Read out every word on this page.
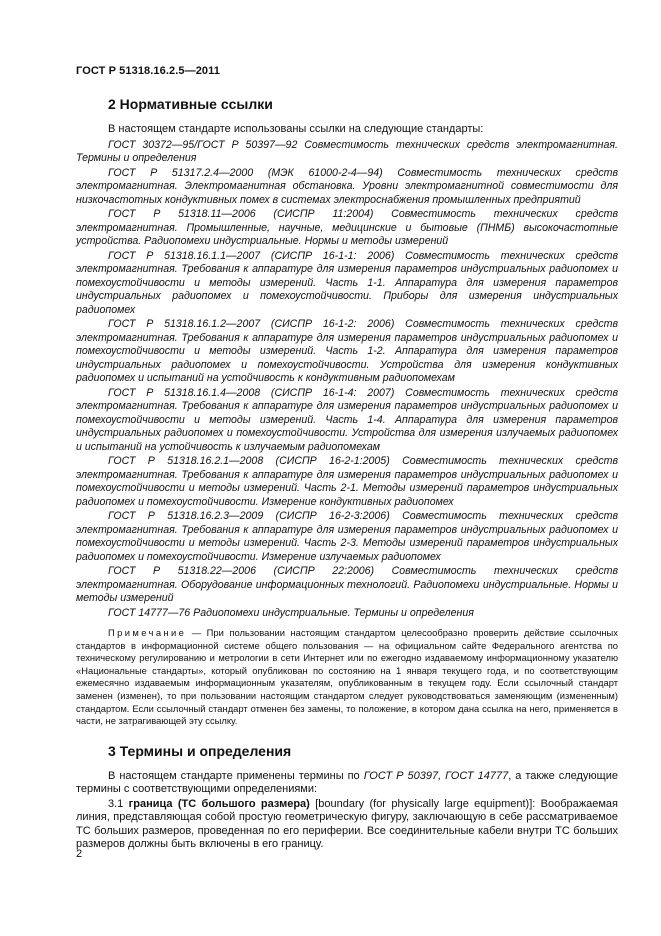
ГОСТ Р 51318.16.2.5—2011
2 Нормативные ссылки

В настоящем стандарте использованы ссылки на следующие стандарты:

ГОСТ 30372—95/ГОСТ Р 50397—92 Совместимость технических средств электромагнитная. Термины и определения

ГОСТ Р 51317.2.4—2000 (МЭК 61000-2-4—94) Совместимость технических средств электромагнитная. Электромагнитная обстановка. Уровни электромагнитной совместимости для низкочастотных кондуктивных помех в системах электроснабжения промышленных предприятий

ГОСТ Р 51318.11—2006 (СИСПР 11:2004) Совместимость технических средств электромагнитная. Промышленные, научные, медицинские и бытовые (ПНМБ) высокочастотные устройства. Радиопомехи индустриальные. Нормы и методы измерений

ГОСТ Р 51318.16.1.1—2007 (СИСПР 16-1-1: 2006) Совместимость технических средств электромагнитная. Требования к аппаратуре для измерения параметров индустриальных радиопомех и помехоустойчивости и методы измерений. Часть 1-1. Аппаратура для измерения параметров индустриальных радиопомех и помехоустойчивости. Приборы для измерения индустриальных радиопомех

ГОСТ Р 51318.16.1.2—2007 (СИСПР 16-1-2: 2006) Совместимость технических средств электромагнитная. Требования к аппаратуре для измерения параметров индустриальных радиопомех и помехоустойчивости и методы измерений. Часть 1-2. Аппаратура для измерения параметров индустриальных радиопомех и помехоустойчивости. Устройства для измерения кондуктивных радиопомех и испытаний на устойчивость к кондуктивным радиопомехам

ГОСТ Р 51318.16.1.4—2008 (СИСПР 16-1-4: 2007) Совместимость технических средств электромагнитная. Требования к аппаратуре для измерения параметров индустриальных радиопомех и помехоустойчивости и методы измерений. Часть 1-4. Аппаратура для измерения параметров индустриальных радиопомех и помехоустойчивости. Устройства для измерения излучаемых радиопомех и испытаний на устойчивость к излучаемым радиопомехам

ГОСТ Р 51318.16.2.1—2008 (СИСПР 16-2-1:2005) Совместимость технических средств электромагнитная. Требования к аппаратуре для измерения параметров индустриальных радиопомех и помехоустойчивости и методы измерений. Часть 2-1. Методы измерений параметров индустриальных радиопомех и помехоустойчивости. Измерение кондуктивных радиопомех

ГОСТ Р 51318.16.2.3—2009 (СИСПР 16-2-3:2006) Совместимость технических средств электромагнитная. Требования к аппаратуре для измерения параметров индустриальных радиопомех и помехоустойчивости и методы измерений. Часть 2-3. Методы измерений параметров индустриальных радиопомех и помехоустойчивости. Измерение излучаемых радиопомех

ГОСТ Р 51318.22—2006 (СИСПР 22:2006) Совместимость технических средств электромагнитная. Оборудование информационных технологий. Радиопомехи индустриальные. Нормы и методы измерений

ГОСТ 14777—76 Радиопомехи индустриальные. Термины и определения

Примечание — При пользовании настоящим стандартом целесообразно проверить действие ссылочных стандартов в информационной системе общего пользования — на официальном сайте Федерального агентства по техническому регулированию и метрологии в сети Интернет или по ежегодно издаваемому информационному указателю «Национальные стандарты», который опубликован по состоянию на 1 января текущего года, и по соответствующим ежемесячно издаваемым информационным указателям, опубликованным в текущем году. Если ссылочный стандарт заменен (изменен), то при пользовании настоящим стандартом следует руководствоваться заменяющим (измененным) стандартом. Если ссылочный стандарт отменен без замены, то положение, в котором дана ссылка на него, применяется в части, не затрагивающей эту ссылку.

3 Термины и определения

В настоящем стандарте применены термины по ГОСТ Р 50397, ГОСТ 14777, а также следующие термины с соответствующими определениями:

3.1 граница (ТС большого размера) [boundary (for physically large equipment)]: Воображаемая линия, представляющая собой простую геометрическую фигуру, заключающую в себе рассматриваемое ТС больших размеров, проведенная по его периферии. Все соединительные кабели внутри ТС больших размеров должны быть включены в его границу.

2
